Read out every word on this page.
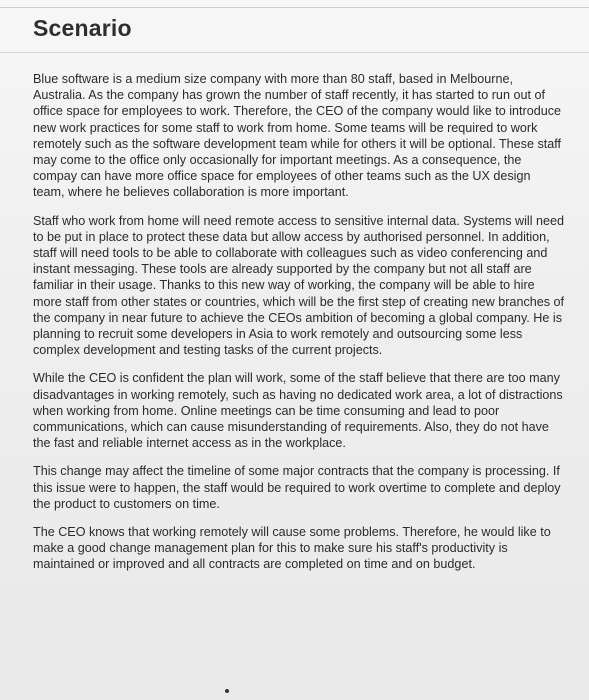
Scenario

Blue software is a medium size company with more than 80 staff, based in Melbourne, Australia. As the company has grown the number of staff recently, it has started to run out of office space for employees to work. Therefore, the CEO of the company would like to introduce new work practices for some staff to work from home. Some teams will be required to work remotely such as the software development team while for others it will be optional. These staff may come to the office only occasionally for important meetings. As a consequence, the compay can have more office space for employees of other teams such as the UX design team, where he believes collaboration is more important.

Staff who work from home will need remote access to sensitive internal data. Systems will need to be put in place to protect these data but allow access by authorised personnel. In addition, staff will need tools to be able to collaborate with colleagues such as video conferencing and instant messaging. These tools are already supported by the company but not all staff are familiar in their usage. Thanks to this new way of working, the company will be able to hire more staff from other states or countries, which will be the first step of creating new branches of the company in near future to achieve the CEOs ambition of becoming a global company. He is planning to recruit some developers in Asia to work remotely and outsourcing some less complex development and testing tasks of the current projects.

While the CEO is confident the plan will work, some of the staff believe that there are too many disadvantages in working remotely, such as having no dedicated work area, a lot of distractions when working from home. Online meetings can be time consuming and lead to poor communications, which can cause misunderstanding of requirements. Also, they do not have the fast and reliable internet access as in the workplace.

This change may affect the timeline of some major contracts that the company is processing. If this issue were to happen, the staff would be required to work overtime to complete and deploy the product to customers on time.

The CEO knows that working remotely will cause some problems. Therefore, he would like to make a good change management plan for this to make sure his staff's productivity is maintained or improved and all contracts are completed on time and on budget.
